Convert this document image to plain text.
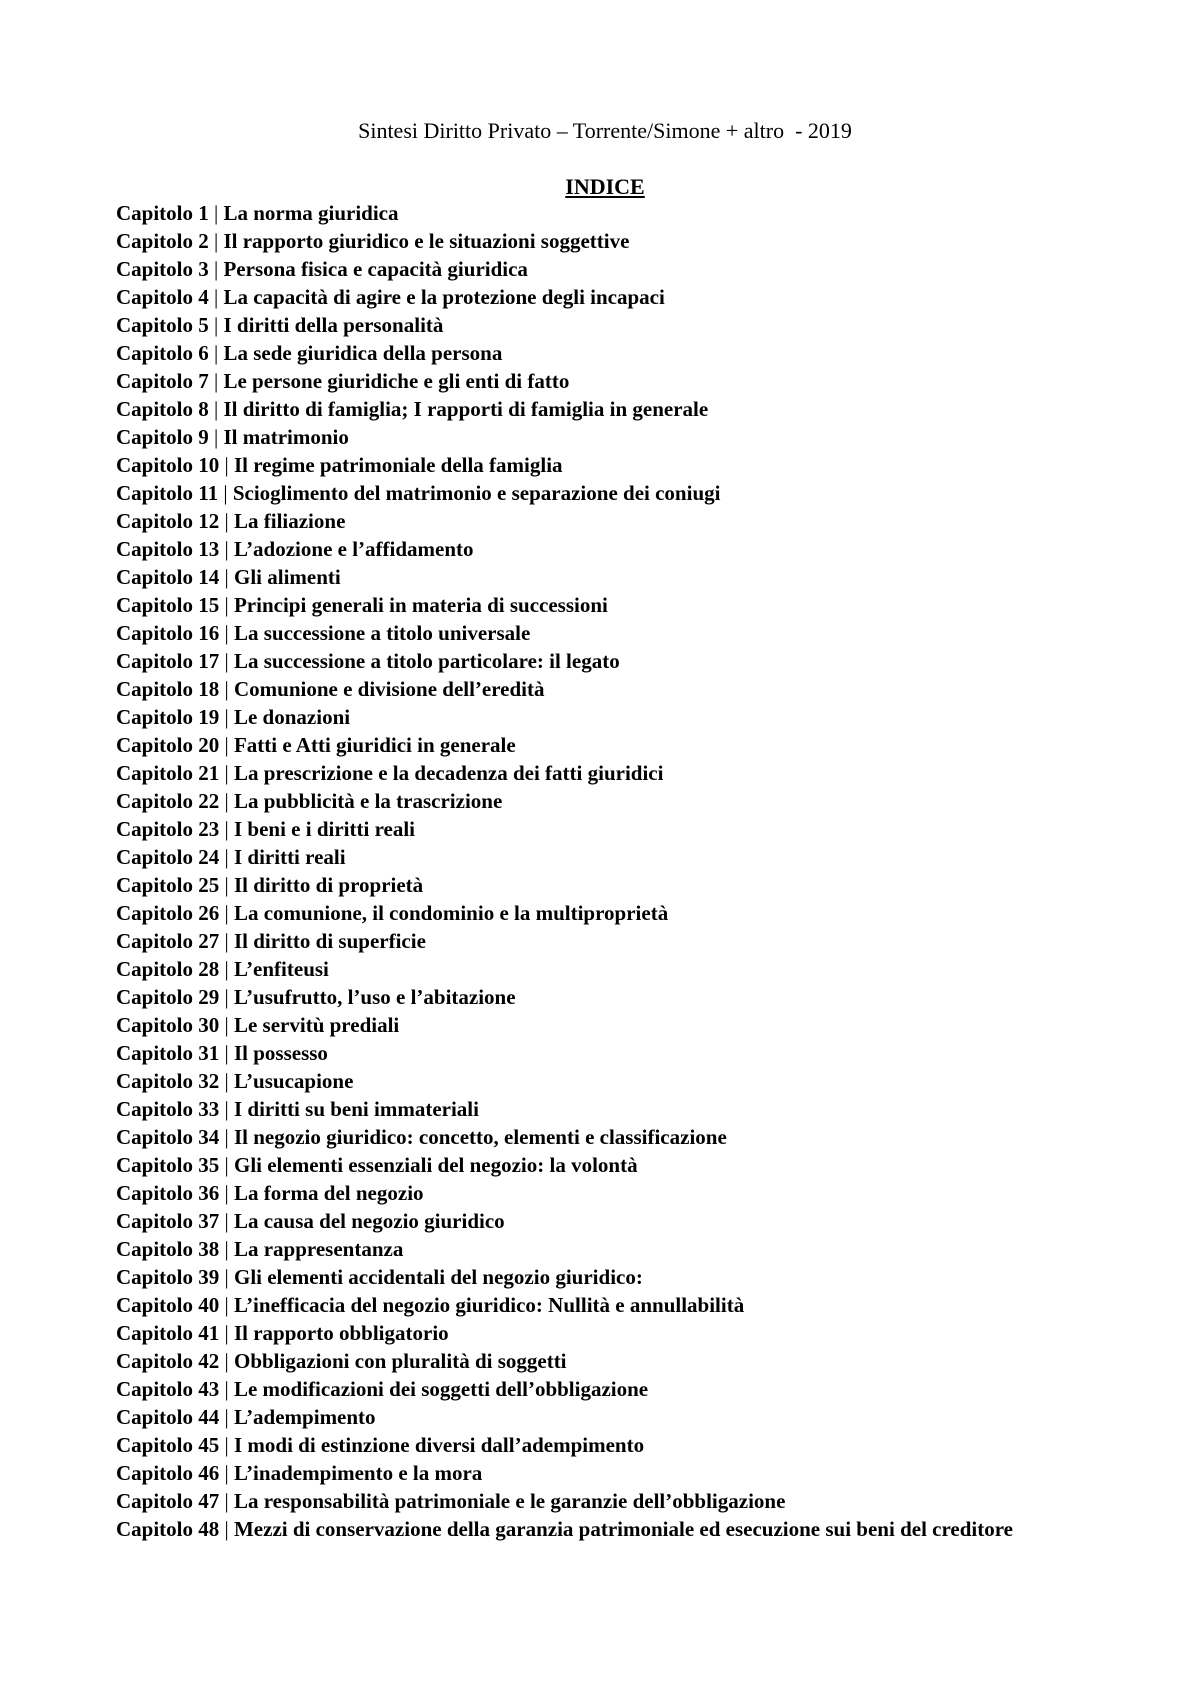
Sintesi Diritto Privato – Torrente/Simone + altro  - 2019
INDICE
Capitolo 1 | La norma giuridica
Capitolo 2 | Il rapporto giuridico e le situazioni soggettive
Capitolo 3 | Persona fisica e capacità giuridica
Capitolo 4 | La capacità di agire e la protezione degli incapaci
Capitolo 5 | I diritti della personalità
Capitolo 6 | La sede giuridica della persona
Capitolo 7 | Le persone giuridiche e gli enti di fatto
Capitolo 8 | Il diritto di famiglia; I rapporti di famiglia in generale
Capitolo 9 | Il matrimonio
Capitolo 10 | Il regime patrimoniale della famiglia
Capitolo 11 | Scioglimento del matrimonio e separazione dei coniugi
Capitolo 12 | La filiazione
Capitolo 13 | L’adozione e l’affidamento
Capitolo 14 | Gli alimenti
Capitolo 15 | Principi generali in materia di successioni
Capitolo 16 | La successione a titolo universale
Capitolo 17 | La successione a titolo particolare: il legato
Capitolo 18 | Comunione e divisione dell’eredità
Capitolo 19 | Le donazioni
Capitolo 20 | Fatti e Atti giuridici in generale
Capitolo 21 | La prescrizione e la decadenza dei fatti giuridici
Capitolo 22 | La pubblicità e la trascrizione
Capitolo 23 | I beni e i diritti reali
Capitolo 24 | I diritti reali
Capitolo 25 | Il diritto di proprietà
Capitolo 26 | La comunione, il condominio e la multiproprietà
Capitolo 27 | Il diritto di superficie
Capitolo 28 | L’enfiteusi
Capitolo 29 | L’usufrutto, l’uso e l’abitazione
Capitolo 30 | Le servitù prediali
Capitolo 31 | Il possesso
Capitolo 32 | L’usucapione
Capitolo 33 | I diritti su beni immateriali
Capitolo 34 | Il negozio giuridico: concetto, elementi e classificazione
Capitolo 35 | Gli elementi essenziali del negozio: la volontà
Capitolo 36 | La forma del negozio
Capitolo 37 | La causa del negozio giuridico
Capitolo 38 | La rappresentanza
Capitolo 39 | Gli elementi accidentali del negozio giuridico:
Capitolo 40 | L’inefficacia del negozio giuridico: Nullità e annullabilità
Capitolo 41 | Il rapporto obbligatorio
Capitolo 42 | Obbligazioni con pluralità di soggetti
Capitolo 43 | Le modificazioni dei soggetti dell’obbligazione
Capitolo 44 | L’adempimento
Capitolo 45 | I modi di estinzione diversi dall’adempimento
Capitolo 46 | L’inadempimento e la mora
Capitolo 47 | La responsabilità patrimoniale e le garanzie dell’obbligazione
Capitolo 48 | Mezzi di conservazione della garanzia patrimoniale ed esecuzione sui beni del creditore
